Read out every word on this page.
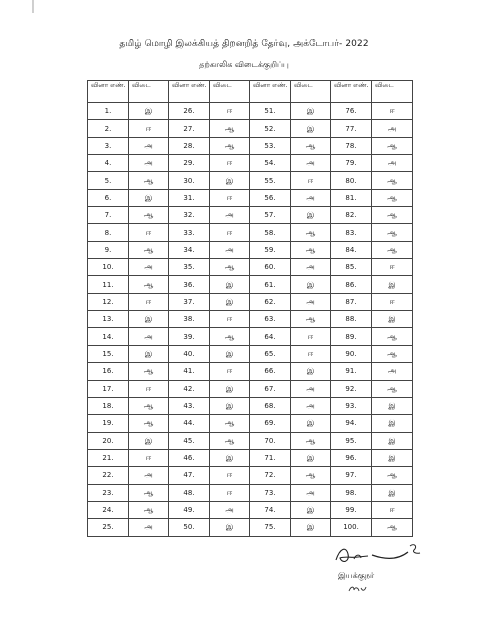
தமிழ் மொழி இலக்கியத் திறனறித் தேர்வு, அக்டோபர்- 2022
தற்காலிக விடைக்குறிப்பு
வினா எண்.	விடை	வினா எண்.	விடை	வினா எண்.	விடை	வினா எண்.	விடை
1.	இ	26.	ஈ	51.	இ	76.	ஈ
2.	ஈ	27.	ஆ	52.	இ	77.	அ
3.	அ	28.	ஆ	53.	ஆ	78.	ஆ
4.	அ	29.	ஈ	54.	அ	79.	அ
5.	ஆ	30.	இ	55.	ஈ	80.	ஆ
6.	இ	31.	ஈ	56.	அ	81.	ஆ
7.	ஆ	32.	அ	57.	இ	82.	ஆ
8.	ஈ	33.	ஈ	58.	ஆ	83.	ஆ
9.	ஆ	34.	அ	59.	ஆ	84.	ஆ
10.	அ	35.	ஆ	60.	அ	85.	ஈ
11.	ஆ	36.	இ	61.	இ	86.	இ
12.	ஈ	37.	இ	62.	அ	87.	ஈ
13.	இ	38.	ஈ	63.	ஆ	88.	இ
14.	அ	39.	ஆ	64.	ஈ	89.	ஆ
15.	இ	40.	இ	65.	ஈ	90.	ஆ
16.	ஆ	41.	ஈ	66.	இ	91.	அ
17.	ஈ	42.	இ	67.	அ	92.	ஆ
18.	ஆ	43.	இ	68.	அ	93.	இ
19.	ஆ	44.	ஆ	69.	இ	94.	இ
20.	இ	45.	ஆ	70.	ஆ	95.	இ
21.	ஈ	46.	இ	71.	இ	96.	இ
22.	அ	47.	ஈ	72.	ஆ	97.	ஆ
23.	ஆ	48.	ஈ	73.	அ	98.	இ
24.	ஆ	49.	அ	74.	இ	99.	ஈ
25.	அ	50.	இ	75.	இ	100.	ஆ
இயக்குநர்
